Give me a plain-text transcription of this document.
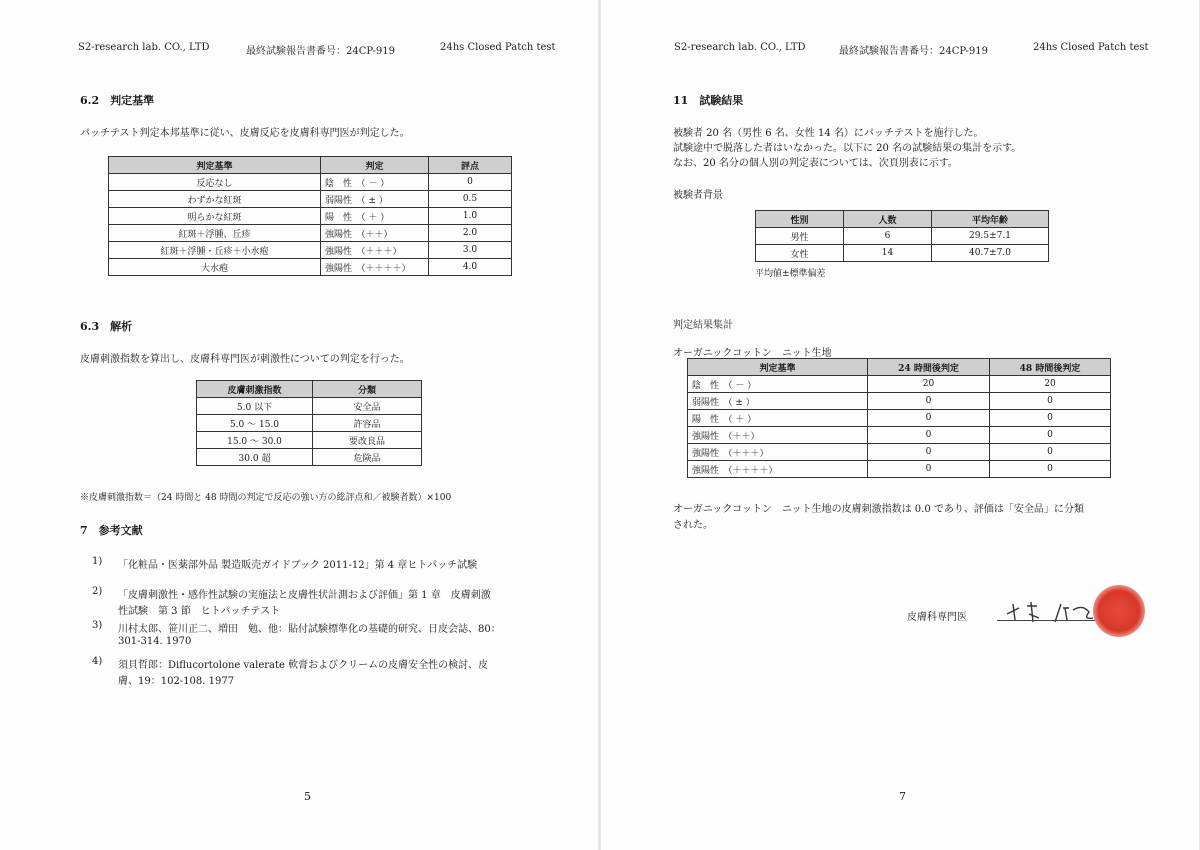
S2-research lab. CO., LTD	最終試験報告書番号：24CP-919	24hs Closed Patch test
6.2　判定基準
パッチテスト判定本邦基準に従い、皮膚反応を皮膚科専門医が判定した。
判定基準	判定	評点
反応なし	陰　性　（ － ）	0
わずかな紅斑	弱陽性　（ ± ）	0.5
明らかな紅斑	陽　性　（ ＋ ）	1.0
紅斑＋浮腫、丘疹	強陽性　（＋＋）	2.0
紅斑＋浮腫・丘疹＋小水疱	強陽性　（＋＋＋）	3.0
大水疱	強陽性　（＋＋＋＋）	4.0
6.3　解析
皮膚刺激指数を算出し、皮膚科専門医が刺激性についての判定を行った。
皮膚刺激指数	分類
5.0 以下	安全品
5.0 ～ 15.0	許容品
15.0 ～ 30.0	要改良品
30.0 超	危険品
※皮膚刺激指数＝（24 時間と 48 時間の判定で反応の強い方の総評点和／被験者数）×100
7　参考文献
1) 「化粧品・医薬部外品 製造販売ガイドブック 2011-12」第 4 章ヒトパッチ試験
2) 「皮膚刺激性・感作性試験の実施法と皮膚性状計測および評価」第 1 章　皮膚刺激
性試験　第 3 節　ヒトパッチテスト
3) 川村太郎、笹川正二、増田　勉、他：貼付試験標準化の基礎的研究、日皮会誌、80：
301-314. 1970
4) 須貝哲郎：Diflucortolone valerate 軟膏およびクリームの皮膚安全性の検討、皮
膚、19：102-108. 1977
5
S2-research lab. CO., LTD	最終試験報告書番号：24CP-919	24hs Closed Patch test
11　試験結果
被験者 20 名（男性 6 名、女性 14 名）にパッチテストを施行した。
試験途中で脱落した者はいなかった。以下に 20 名の試験結果の集計を示す。
なお、20 名分の個人別の判定表については、次頁別表に示す。
被験者背景
性別	人数	平均年齢
男性	6	29.5±7.1
女性	14	40.7±7.0
平均値±標準偏差
判定結果集計
オーガニックコットン　ニット生地
判定基準	24 時間後判定	48 時間後判定
陰　性　（ － ）	20	20
弱陽性　（ ± ）	0	0
陽　性　（ ＋ ）	0	0
強陽性　（＋＋）	0	0
強陽性　（＋＋＋）	0	0
強陽性　（＋＋＋＋）	0	0
オーガニックコットン　ニット生地の皮膚刺激指数は 0.0 であり、評価は「安全品」に分類
された。
皮膚科専門医
7
